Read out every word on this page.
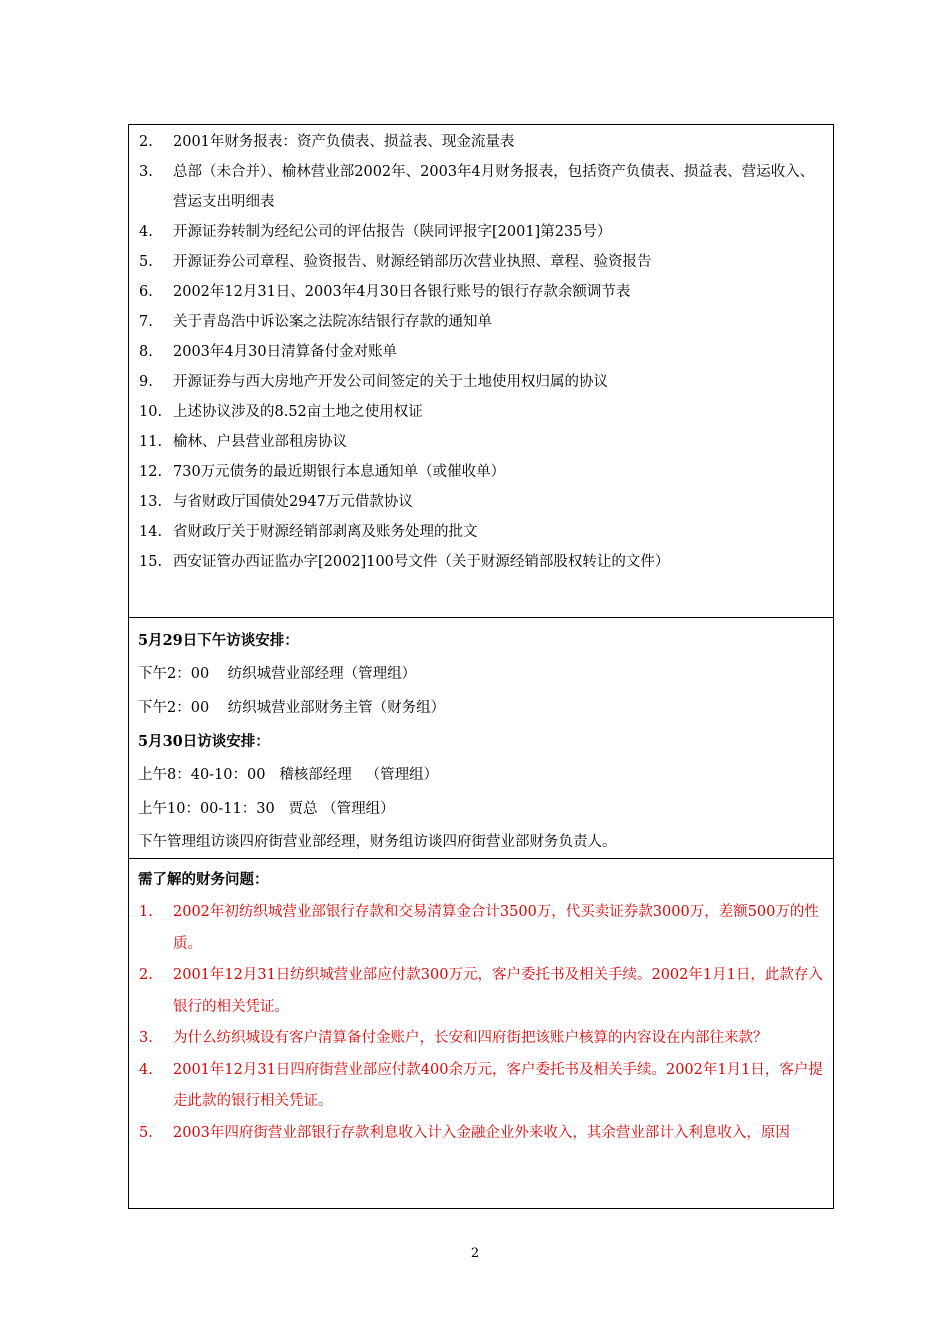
2.	2001年财务报表：资产负债表、损益表、现金流量表
3.	总部（未合并）、榆林营业部2002年、2003年4月财务报表，包括资产负债表、损益表、营运收入、营运支出明细表
4.	开源证券转制为经纪公司的评估报告（陕同评报字[2001]第235号）
5.	开源证券公司章程、验资报告、财源经销部历次营业执照、章程、验资报告
6.	2002年12月31日、2003年4月30日各银行账号的银行存款余额调节表
7.	关于青岛浩中诉讼案之法院冻结银行存款的通知单
8.	2003年4月30日清算备付金对账单
9.	开源证券与西大房地产开发公司间签定的关于土地使用权归属的协议
10. 上述协议涉及的8.52亩土地之使用权证
11. 榆林、户县营业部租房协议
12. 730万元债务的最近期银行本息通知单（或催收单）
13. 与省财政厅国债处2947万元借款协议
14. 省财政厅关于财源经销部剥离及账务处理的批文
15. 西安证管办西证监办字[2002]100号文件（关于财源经销部股权转让的文件）
5月29日下午访谈安排：
下午2：00    纺织城营业部经理（管理组）
下午2：00    纺织城营业部财务主管（财务组）
5月30日访谈安排：
上午8：40-10：00   稽核部经理   （管理组）
上午10：00-11：30   贾总 （管理组）
下午管理组访谈四府街营业部经理，财务组访谈四府街营业部财务负责人。
需了解的财务问题：
1.	2002年初纺织城营业部银行存款和交易清算金合计3500万，代买卖证券款3000万，差额500万的性质。
2.	2001年12月31日纺织城营业部应付款300万元，客户委托书及相关手续。2002年1月1日，此款存入银行的相关凭证。
3.	为什么纺织城设有客户清算备付金账户，长安和四府街把该账户核算的内容设在内部往来款？
4.	2001年12月31日四府街营业部应付款400余万元，客户委托书及相关手续。2002年1月1日，客户提走此款的银行相关凭证。
5.	2003年四府街营业部银行存款利息收入计入金融企业外来收入，其余营业部计入利息收入，原因
2
